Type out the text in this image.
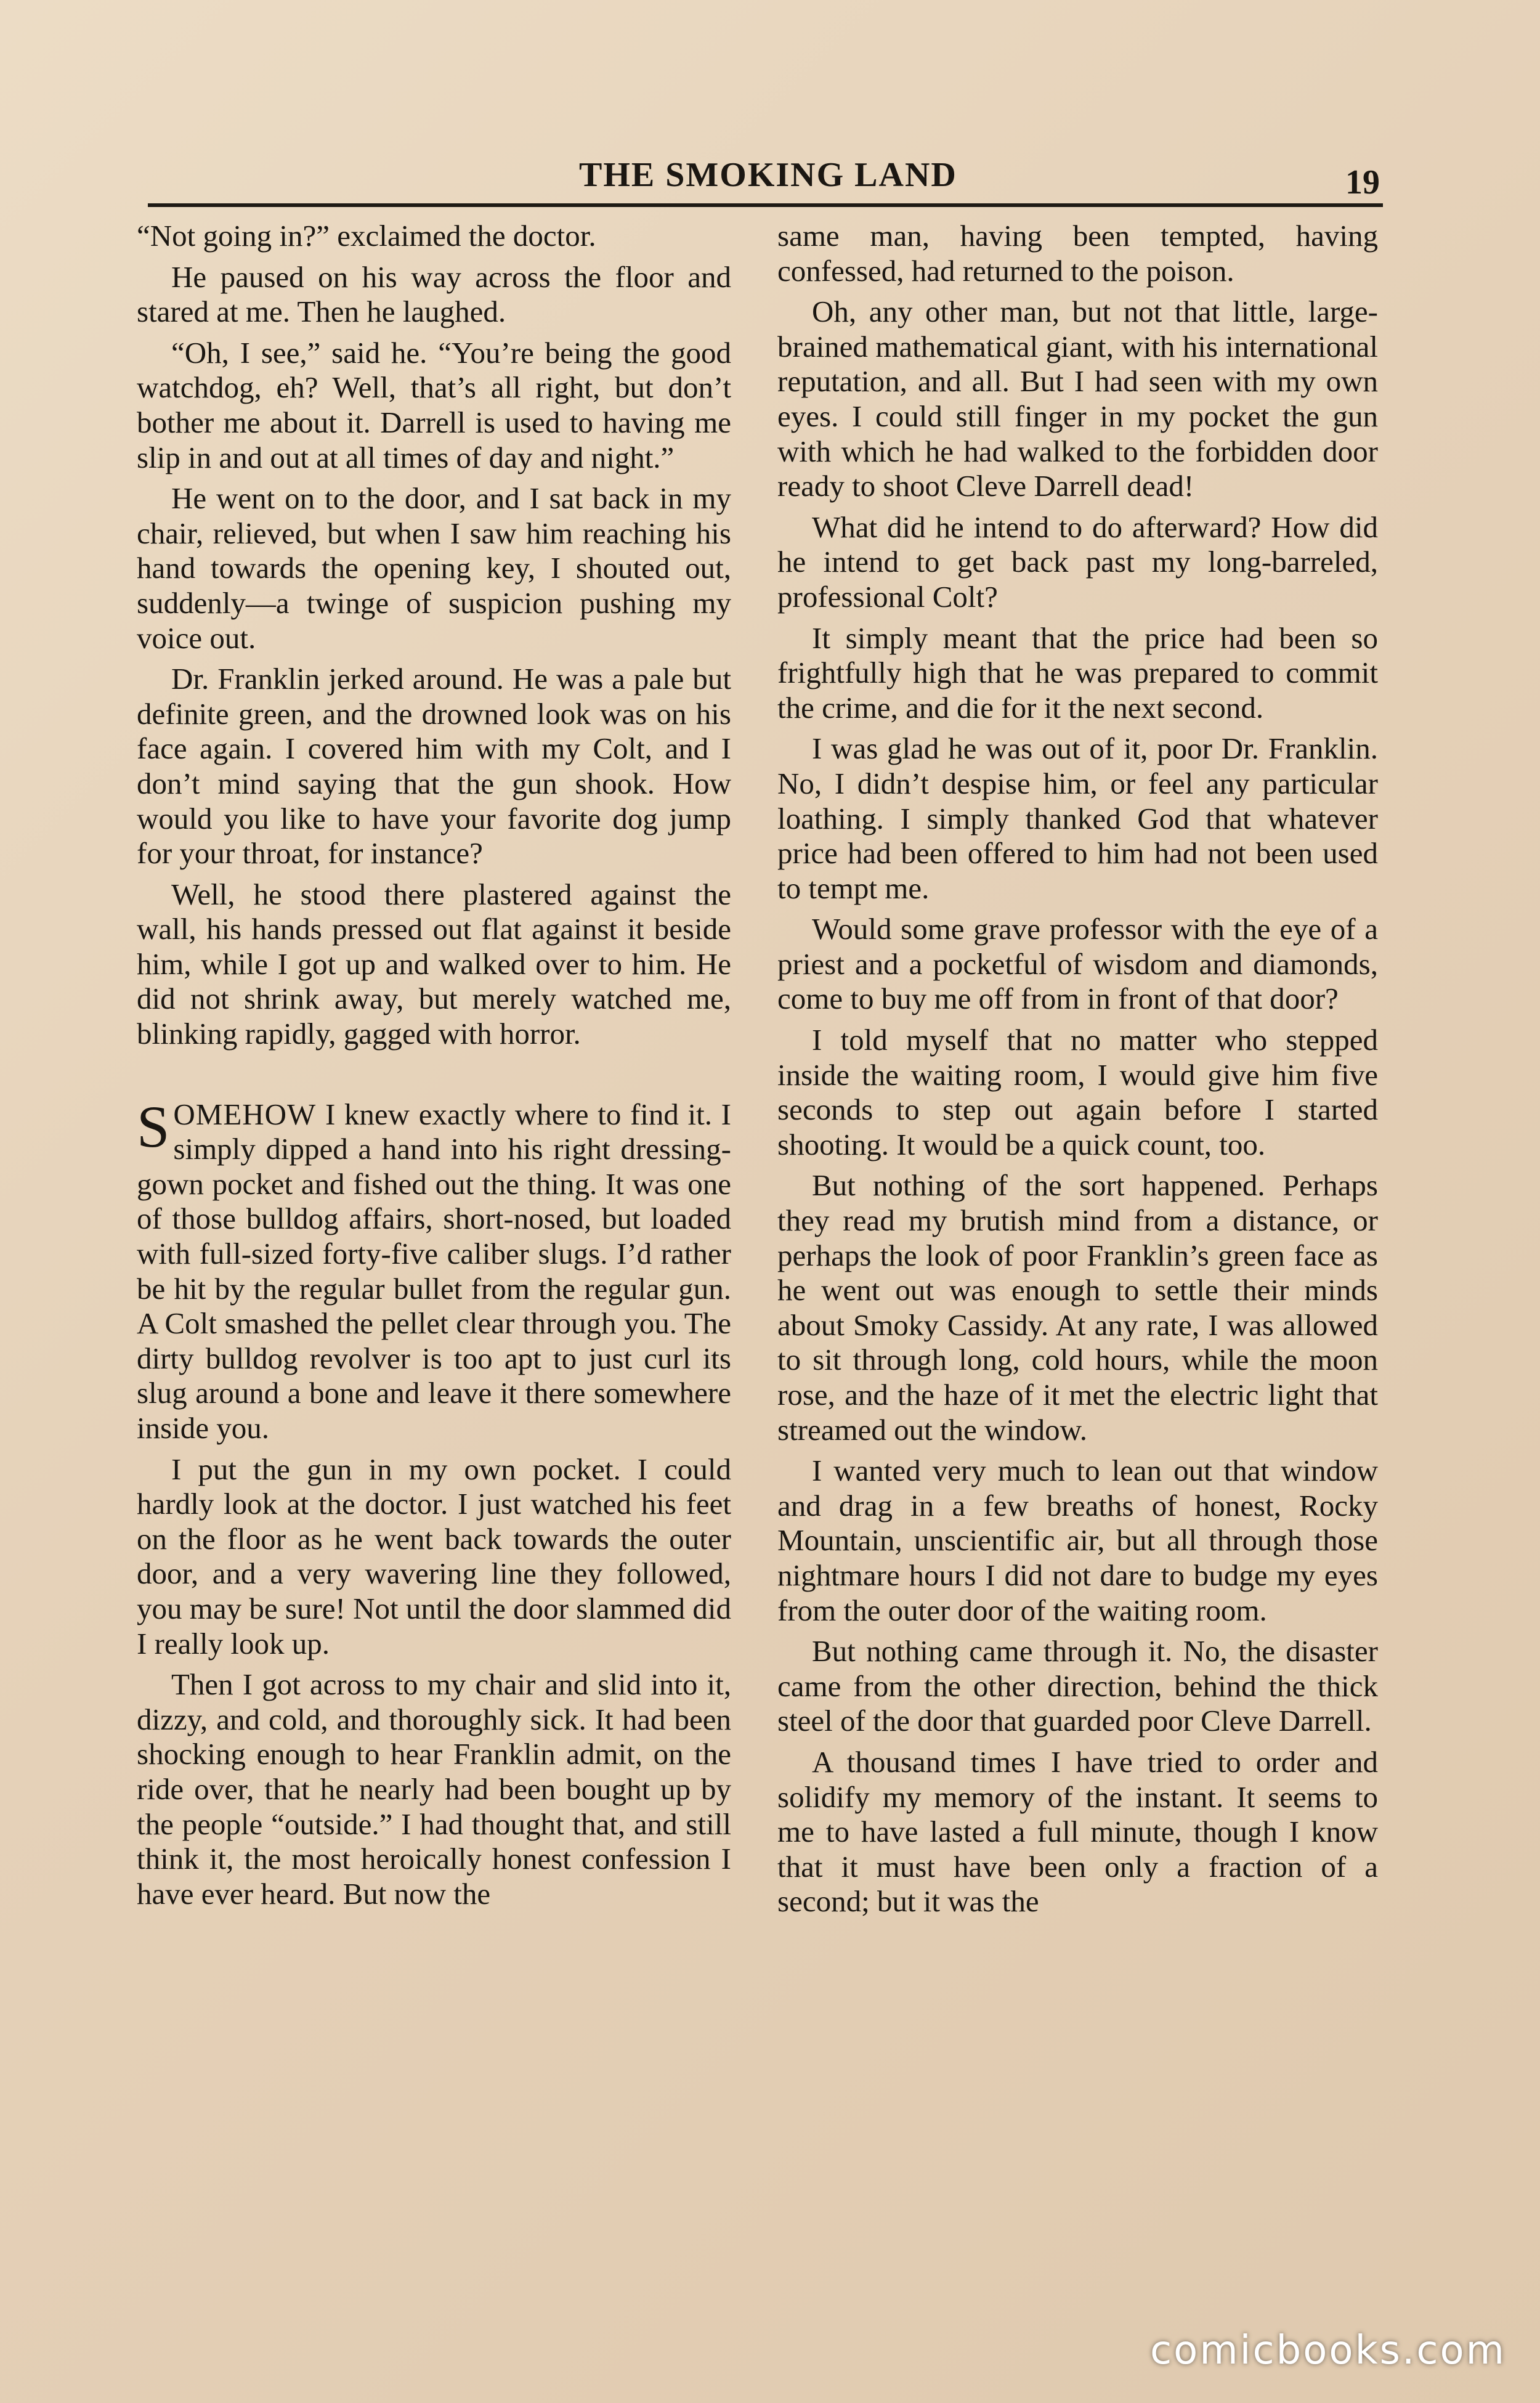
THE SMOKING LAND	19

“Not going in?” exclaimed the doctor.

He paused on his way across the floor and stared at me. Then he laughed.

“Oh, I see,” said he. “You’re being the good watchdog, eh? Well, that’s all right, but don’t bother me about it. Darrell is used to having me slip in and out at all times of day and night.”

He went on to the door, and I sat back in my chair, relieved, but when I saw him reaching his hand towards the opening key, I shouted out, suddenly—a twinge of suspicion pushing my voice out.

Dr. Franklin jerked around. He was a pale but definite green, and the drowned look was on his face again. I covered him with my Colt, and I don’t mind saying that the gun shook. How would you like to have your favorite dog jump for your throat, for instance?

Well, he stood there plastered against the wall, his hands pressed out flat against it beside him, while I got up and walked over to him. He did not shrink away, but merely watched me, blinking rapidly, gagged with horror.

SOMEHOW I knew exactly where to find it. I simply dipped a hand into his right dressing-gown pocket and fished out the thing. It was one of those bulldog affairs, short-nosed, but loaded with full-sized forty-five caliber slugs. I’d rather be hit by the regular bullet from the regular gun. A Colt smashed the pellet clear through you. The dirty bulldog revolver is too apt to just curl its slug around a bone and leave it there somewhere inside you.

I put the gun in my own pocket. I could hardly look at the doctor. I just watched his feet on the floor as he went back towards the outer door, and a very wavering line they followed, you may be sure! Not until the door slammed did I really look up.

Then I got across to my chair and slid into it, dizzy, and cold, and thoroughly sick. It had been shocking enough to hear Franklin admit, on the ride over, that he nearly had been bought up by the people “outside.” I had thought that, and still think it, the most heroically honest confession I have ever heard. But now the

same man, having been tempted, having confessed, had returned to the poison.

Oh, any other man, but not that little, large-brained mathematical giant, with his international reputation, and all. But I had seen with my own eyes. I could still finger in my pocket the gun with which he had walked to the forbidden door ready to shoot Cleve Darrell dead!

What did he intend to do afterward? How did he intend to get back past my long-barreled, professional Colt?

It simply meant that the price had been so frightfully high that he was prepared to commit the crime, and die for it the next second.

I was glad he was out of it, poor Dr. Franklin. No, I didn’t despise him, or feel any particular loathing. I simply thanked God that whatever price had been offered to him had not been used to tempt me.

Would some grave professor with the eye of a priest and a pocketful of wisdom and diamonds, come to buy me off from in front of that door?

I told myself that no matter who stepped inside the waiting room, I would give him five seconds to step out again before I started shooting. It would be a quick count, too.

But nothing of the sort happened. Perhaps they read my brutish mind from a distance, or perhaps the look of poor Franklin’s green face as he went out was enough to settle their minds about Smoky Cassidy. At any rate, I was allowed to sit through long, cold hours, while the moon rose, and the haze of it met the electric light that streamed out the window.

I wanted very much to lean out that window and drag in a few breaths of honest, Rocky Mountain, unscientific air, but all through those nightmare hours I did not dare to budge my eyes from the outer door of the waiting room.

But nothing came through it. No, the disaster came from the other direction, behind the thick steel of the door that guarded poor Cleve Darrell.

A thousand times I have tried to order and solidify my memory of the instant. It seems to me to have lasted a full minute, though I know that it must have been only a fraction of a second; but it was the

comicbooks.com
